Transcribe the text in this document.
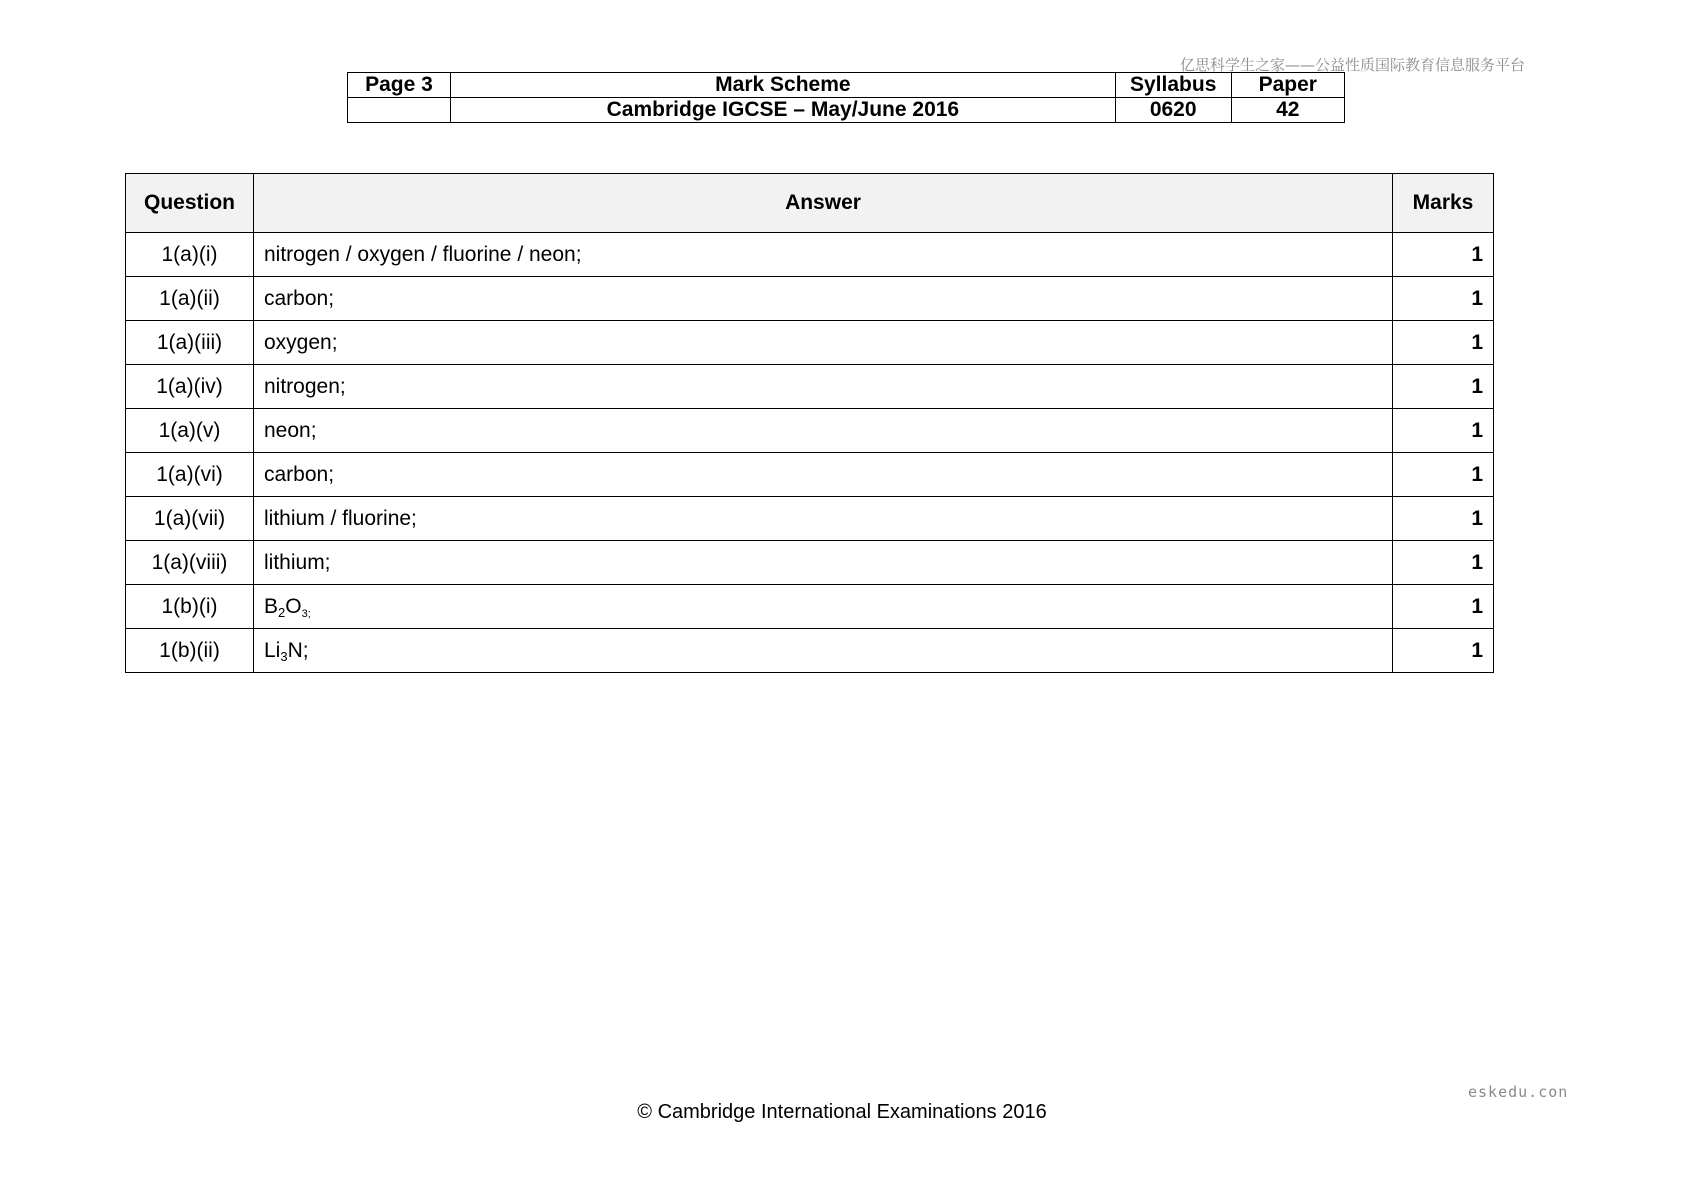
亿思科学生之家——公益性质国际教育信息服务平台
Page 3	Mark Scheme	Syllabus	Paper
	Cambridge IGCSE – May/June 2016	0620	42
Question	Answer	Marks
1(a)(i)	nitrogen / oxygen / fluorine / neon;	1
1(a)(ii)	carbon;	1
1(a)(iii)	oxygen;	1
1(a)(iv)	nitrogen;	1
1(a)(v)	neon;	1
1(a)(vi)	carbon;	1
1(a)(vii)	lithium / fluorine;	1
1(a)(viii)	lithium;	1
1(b)(i)	$B_2O_{3;}$	1
1(b)(ii)	$Li_3N$;	1
eskedu.con
© Cambridge International Examinations 2016
